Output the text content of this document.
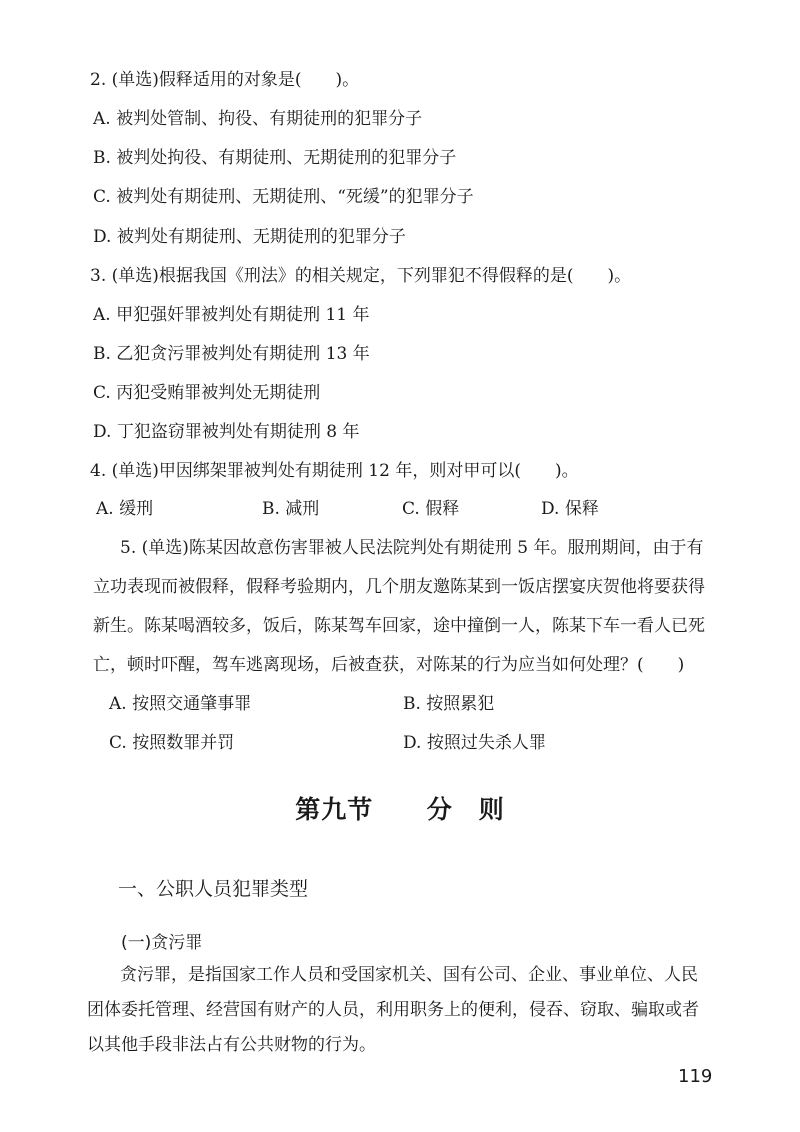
2. (单选)假释适用的对象是(　　)。
A. 被判处管制、拘役、有期徒刑的犯罪分子
B. 被判处拘役、有期徒刑、无期徒刑的犯罪分子
C. 被判处有期徒刑、无期徒刑、“死缓”的犯罪分子
D. 被判处有期徒刑、无期徒刑的犯罪分子
3. (单选)根据我国《刑法》的相关规定，下列罪犯不得假释的是(　　)。
A. 甲犯强奸罪被判处有期徒刑 11 年
B. 乙犯贪污罪被判处有期徒刑 13 年
C. 丙犯受贿罪被判处无期徒刑
D. 丁犯盗窃罪被判处有期徒刑 8 年
4. (单选)甲因绑架罪被判处有期徒刑 12 年，则对甲可以(　　)。
A. 缓刑	B. 减刑	C. 假释	D. 保释
5. (单选)陈某因故意伤害罪被人民法院判处有期徒刑 5 年。服刑期间，由于有
立功表现而被假释，假释考验期内，几个朋友邀陈某到一饭店摆宴庆贺他将要获得
新生。陈某喝酒较多，饭后，陈某驾车回家，途中撞倒一人，陈某下车一看人已死
亡，顿时吓醒，驾车逃离现场，后被查获，对陈某的行为应当如何处理？(　　)
A. 按照交通肇事罪	B. 按照累犯
C. 按照数罪并罚	D. 按照过失杀人罪
第九节 分　则
一、公职人员犯罪类型
(一)贪污罪
贪污罪，是指国家工作人员和受国家机关、国有公司、企业、事业单位、人民
团体委托管理、经营国有财产的人员，利用职务上的便利，侵吞、窃取、骗取或者
以其他手段非法占有公共财物的行为。
119
